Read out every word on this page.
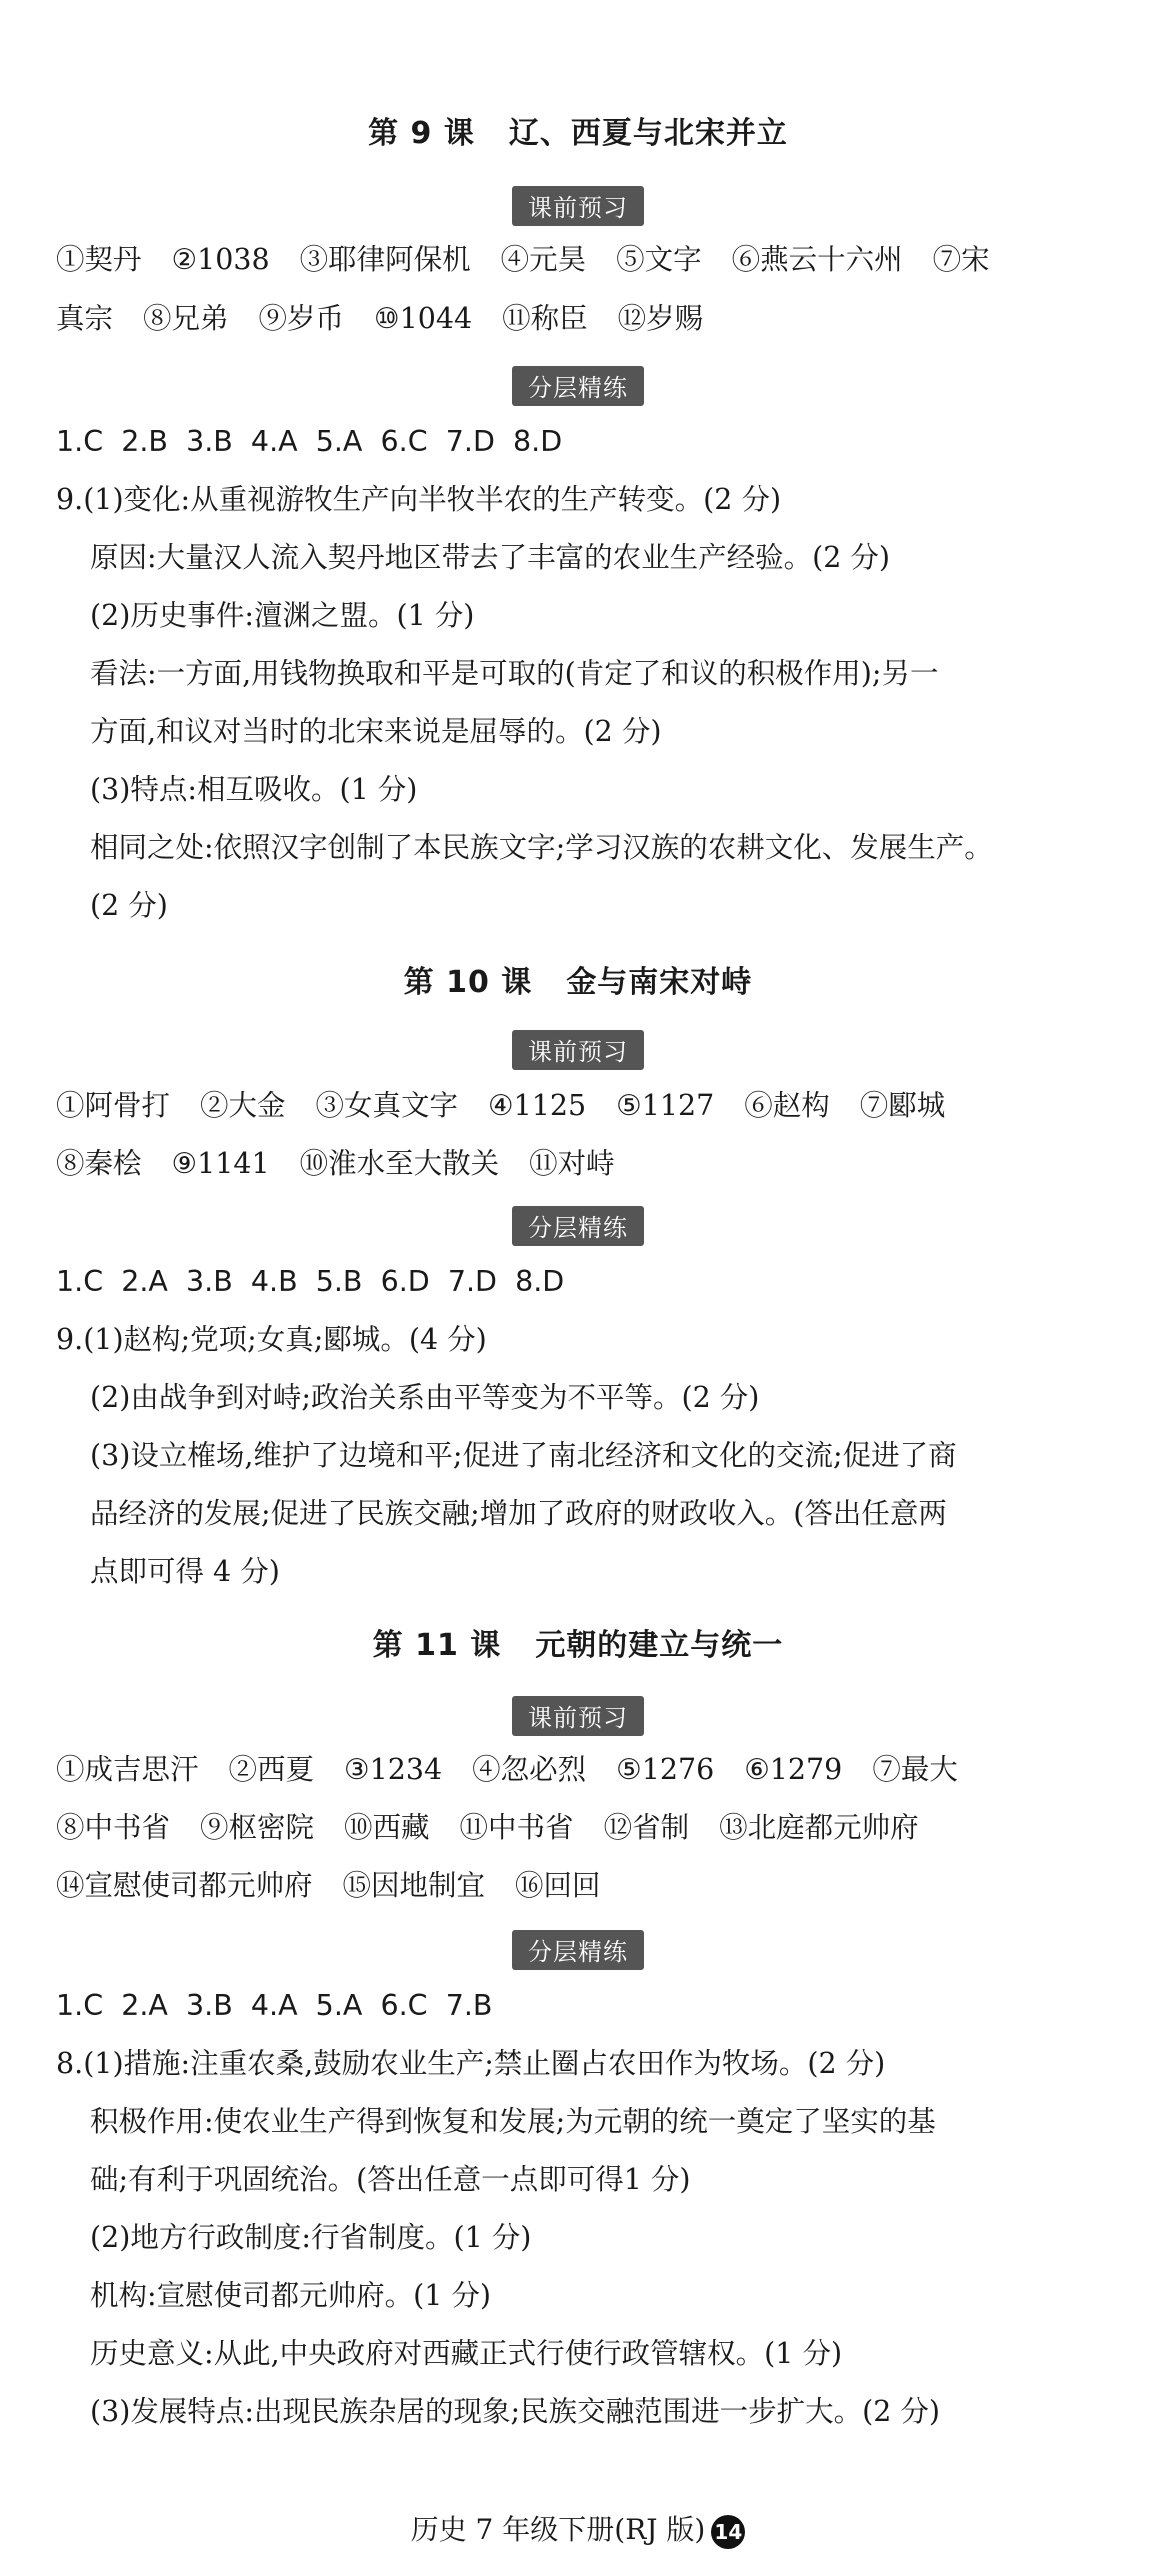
第 9 课 辽、西夏与北宋并立
课前预习
①契丹 ②1038 ③耶律阿保机 ④元昊 ⑤文字 ⑥燕云十六州 ⑦宋
真宗 ⑧兄弟 ⑨岁币 ⑩1044 ⑪称臣 ⑫岁赐
分层精练
1.C  2.B  3.B  4.A  5.A  6.C  7.D  8.D
9.(1)变化:从重视游牧生产向半牧半农的生产转变。(2 分)
原因:大量汉人流入契丹地区带去了丰富的农业生产经验。(2 分)
(2)历史事件:澶渊之盟。(1 分)
看法:一方面,用钱物换取和平是可取的(肯定了和议的积极作用);另一
方面,和议对当时的北宋来说是屈辱的。(2 分)
(3)特点:相互吸收。(1 分)
相同之处:依照汉字创制了本民族文字;学习汉族的农耕文化、发展生产。
(2 分)
第 10 课 金与南宋对峙
课前预习
①阿骨打 ②大金 ③女真文字 ④1125 ⑤1127 ⑥赵构 ⑦郾城
⑧秦桧 ⑨1141 ⑩淮水至大散关 ⑪对峙
分层精练
1.C  2.A  3.B  4.B  5.B  6.D  7.D  8.D
9.(1)赵构;党项;女真;郾城。(4 分)
(2)由战争到对峙;政治关系由平等变为不平等。(2 分)
(3)设立榷场,维护了边境和平;促进了南北经济和文化的交流;促进了商
品经济的发展;促进了民族交融;增加了政府的财政收入。(答出任意两
点即可得 4 分)
第 11 课 元朝的建立与统一
课前预习
①成吉思汗 ②西夏 ③1234 ④忽必烈 ⑤1276 ⑥1279 ⑦最大
⑧中书省 ⑨枢密院 ⑩西藏 ⑪中书省 ⑫省制 ⑬北庭都元帅府
⑭宣慰使司都元帅府 ⑮因地制宜 ⑯回回
分层精练
1.C  2.A  3.B  4.A  5.A  6.C  7.B
8.(1)措施:注重农桑,鼓励农业生产;禁止圈占农田作为牧场。(2 分)
积极作用:使农业生产得到恢复和发展;为元朝的统一奠定了坚实的基
础;有利于巩固统治。(答出任意一点即可得1 分)
(2)地方行政制度:行省制度。(1 分)
机构:宣慰使司都元帅府。(1 分)
历史意义:从此,中央政府对西藏正式行使行政管辖权。(1 分)
(3)发展特点:出现民族杂居的现象;民族交融范围进一步扩大。(2 分)
历史 7 年级下册(RJ 版) 14
